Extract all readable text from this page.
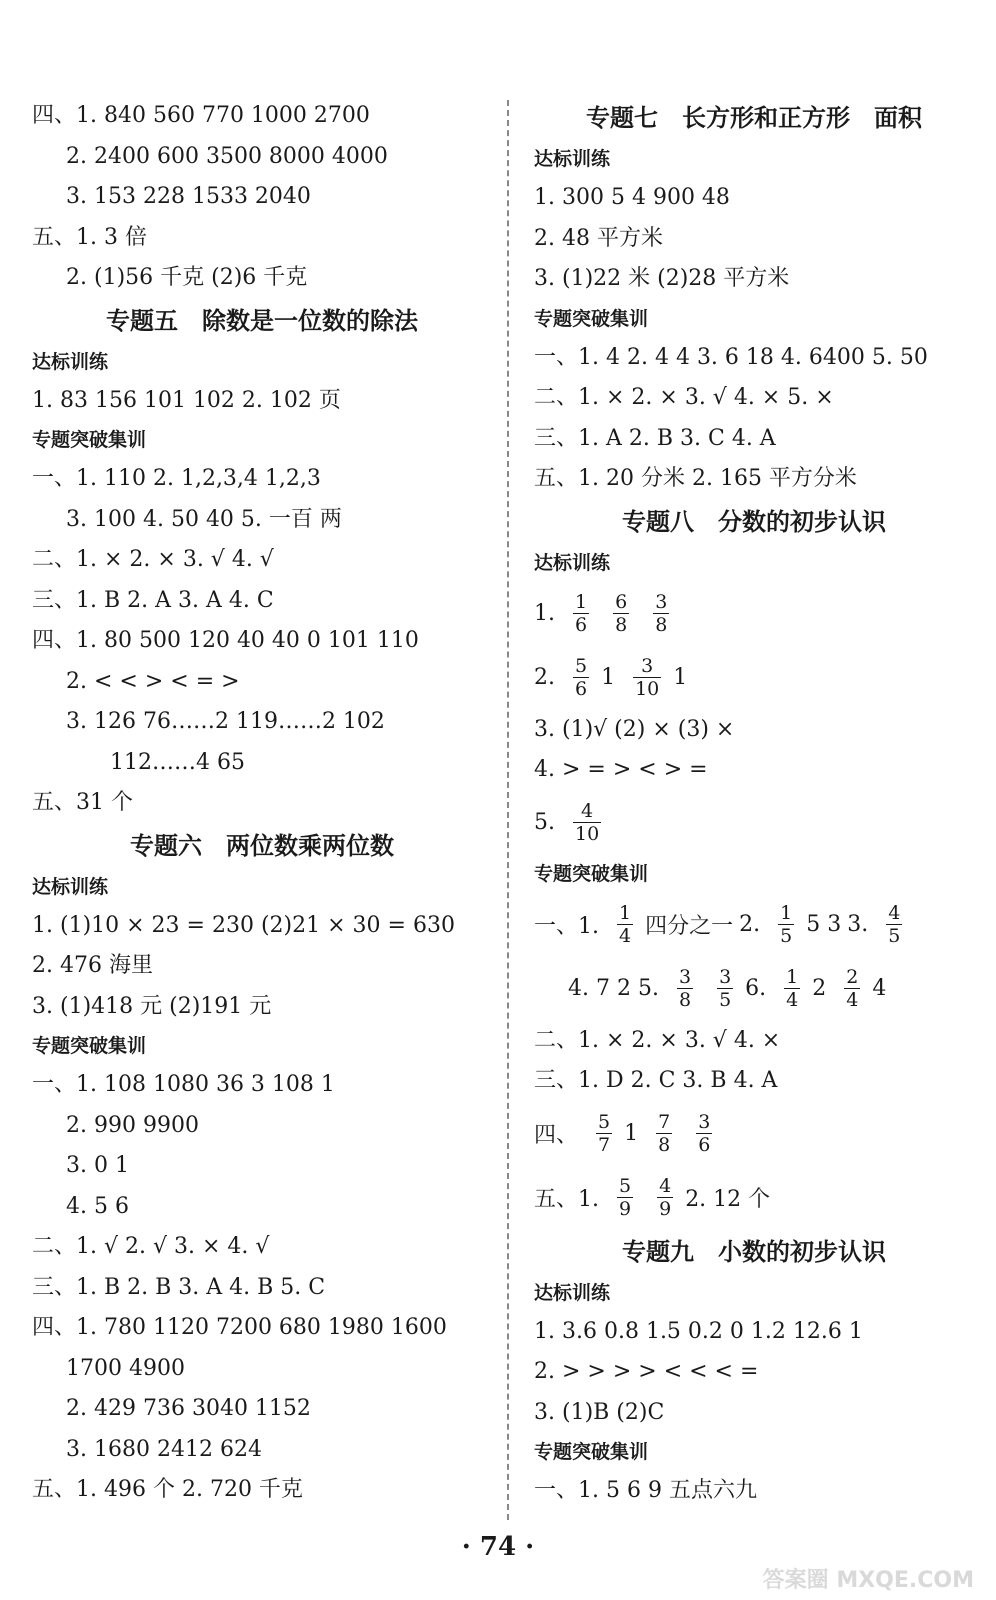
四、1. 840 560 770 1000 2700
2. 2400 600 3500 8000 4000
3. 153 228 1533 2040
五、1. 3 倍
2. (1)56 千克 (2)6 千克
专题五　除数是一位数的除法
达标训练
1. 83 156 101 102 2. 102 页
专题突破集训
一、1. 110 2. 1,2,3,4 1,2,3
3. 100 4. 50 40 5. 一百 两
二、1. × 2. × 3. √ 4. √
三、1. B 2. A 3. A 4. C
四、1. 80 500 120 40 40 0 101 110
2. < < > < = >
3. 126 76……2 119……2 102
112……4 65
五、31 个
专题六　两位数乘两位数
达标训练
1. (1)10 × 23 = 230 (2)21 × 30 = 630
2. 476 海里
3. (1)418 元 (2)191 元
专题突破集训
一、1. 108 1080 36 3 108 1
2. 990 9900
3. 0 1
4. 5 6
二、1. √ 2. √ 3. × 4. √
三、1. B 2. B 3. A 4. B 5. C
四、1. 780 1120 7200 680 1980 1600
1700 4900
2. 429 736 3040 1152
3. 1680 2412 624
五、1. 496 个 2. 720 千克
专题七　长方形和正方形　面积
达标训练
1. 300 5 4 900 48
2. 48 平方米
3. (1)22 米 (2)28 平方米
专题突破集训
一、1. 4 2. 4 4 3. 6 18 4. 6400 5. 50
二、1. × 2. × 3. √ 4. × 5. ×
三、1. A 2. B 3. C 4. A
五、1. 20 分米 2. 165 平方分米
专题八　分数的初步认识
达标训练
1. $\frac{1}{6} \frac{6}{8} \frac{3}{8}$
2. $\frac{5}{6} 1 \frac{3}{10} 1$
3. (1)√ (2) × (3) ×
4. > = > < > =
5. $\frac{4}{10}$
专题突破集训
一、1. $\frac{1}{4}$ 四分之一 2. $\frac{1}{5} 5$ 3 3. $\frac{4}{5}$
4. 7 2 5. $\frac{3}{8} \frac{3}{5} 6$. $\frac{1}{4} 2 \frac{2}{4} 4$
二、1. × 2. × 3. √ 4. ×
三、1. D 2. C 3. B 4. A
四、 $\frac{5}{7} 1 \frac{7}{8} \frac{3}{6}$
五、1. $\frac{5}{9} \frac{4}{9} 2$. 12 个
专题九　小数的初步认识
达标训练
1. 3.6 0.8 1.5 0.2 0 1.2 12.6 1
2. > > > > < < < =
3. (1)B (2)C
专题突破集训
一、1. 5 6 9 五点六九
· 74 ·
答案圈 MXQE.COM
